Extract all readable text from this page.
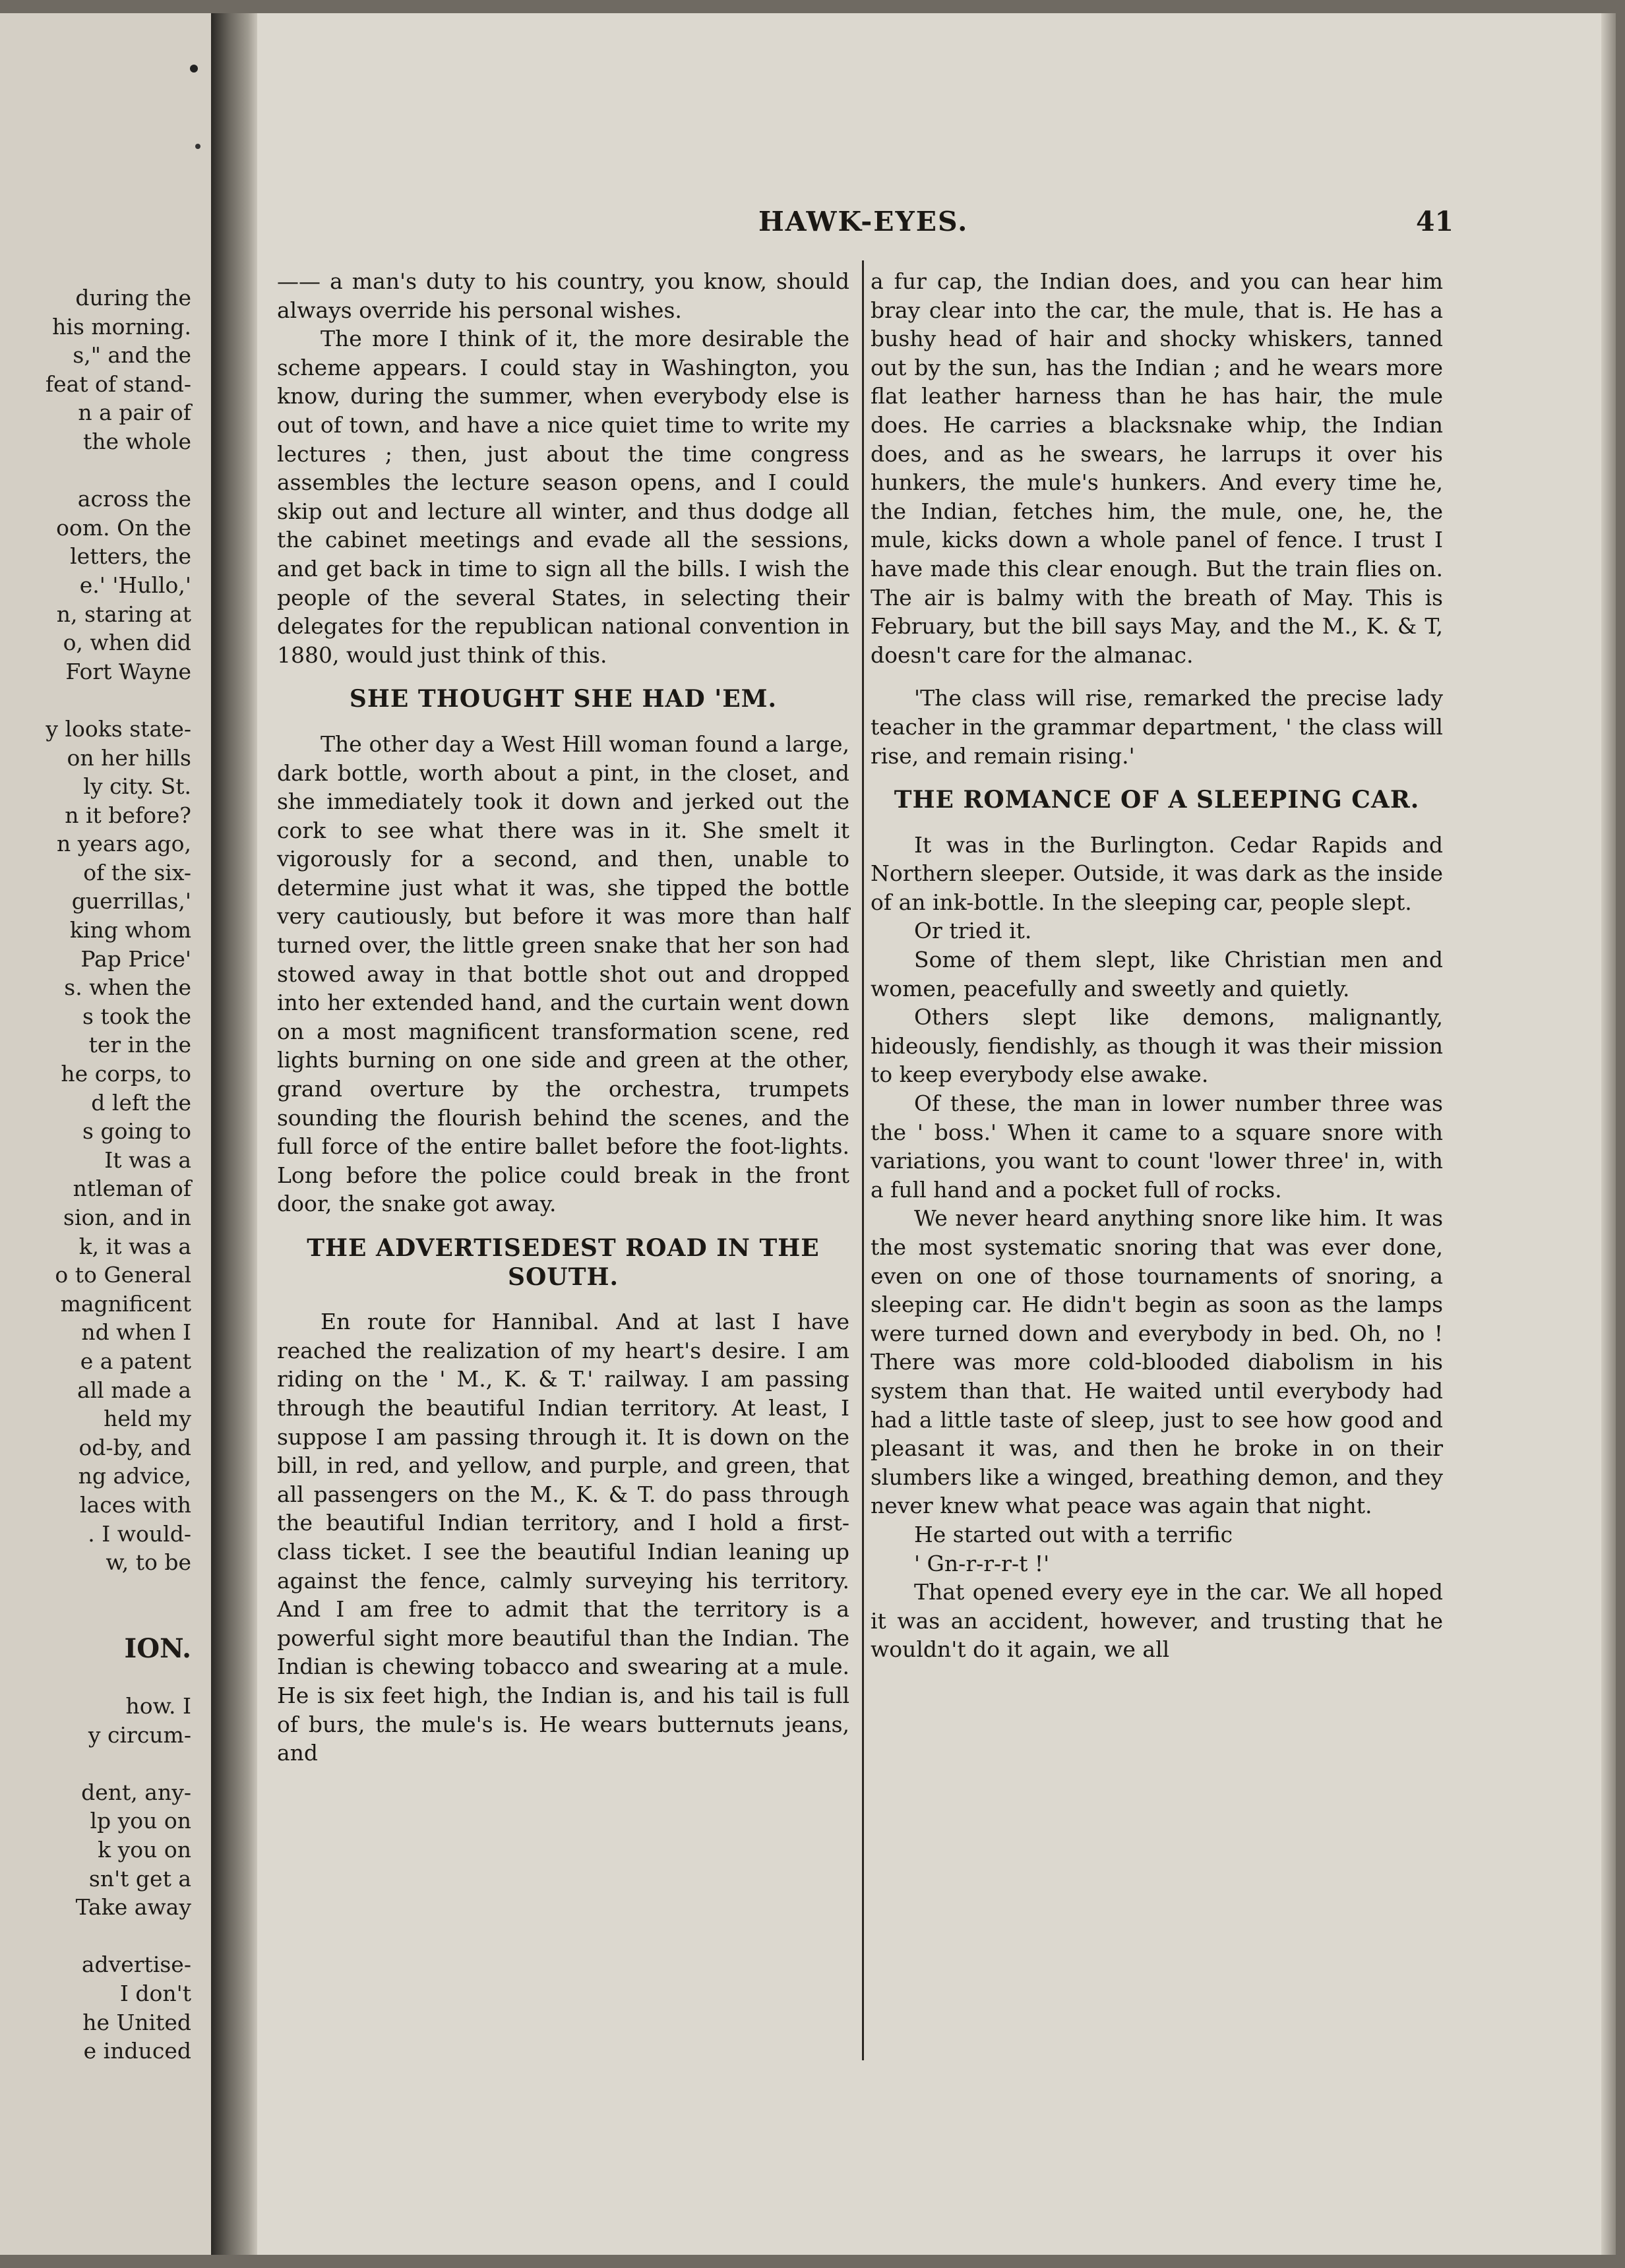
during the
his morning.
s," and the
feat of stand-
n a pair of
the whole
across the
oom. On the
letters, the
e.' 'Hullo,'
n, staring at
o, when did
Fort Wayne
y looks state-
on her hills
ly city. St.
n it before?
n years ago,
of the six-
guerrillas,'
king whom
Pap Price'
s. when the
s took the
ter in the
he corps, to
d left the
s going to
It was a
ntleman of
sion, and in
k, it was a
o to General
magnificent
nd when I
e a patent
all made a
held my
od-by, and
ng advice,
laces with
. I would-
w, to be
ION.
how. I
y circum-
dent, any-
lp you on
k you on
sn't get a
Take away
advertise-
I don't
he United
e induced
HAWK-EYES.	41

—— a man's duty to his country, you know, should always override his personal wishes.

The more I think of it, the more desirable the scheme appears. I could stay in Washington, you know, during the summer, when everybody else is out of town, and have a nice quiet time to write my lectures ; then, just about the time congress assembles the lecture season opens, and I could skip out and lecture all winter, and thus dodge all the cabinet meetings and evade all the sessions, and get back in time to sign all the bills. I wish the people of the several States, in selecting their delegates for the republican national convention in 1880, would just think of this.

SHE THOUGHT SHE HAD 'EM.

The other day a West Hill woman found a large, dark bottle, worth about a pint, in the closet, and she immediately took it down and jerked out the cork to see what there was in it. She smelt it vigorously for a second, and then, unable to determine just what it was, she tipped the bottle very cautiously, but before it was more than half turned over, the little green snake that her son had stowed away in that bottle shot out and dropped into her extended hand, and the curtain went down on a most magnificent transformation scene, red lights burning on one side and green at the other, grand overture by the orchestra, trumpets sounding the flourish behind the scenes, and the full force of the entire ballet before the foot-lights. Long before the police could break in the front door, the snake got away.

THE ADVERTISEDEST ROAD IN THE SOUTH.

En route for Hannibal. And at last I have reached the realization of my heart's desire. I am riding on the ' M., K. & T.' railway. I am passing through the beautiful Indian territory. At least, I suppose I am passing through it. It is down on the bill, in red, and yellow, and purple, and green, that all passengers on the M., K. & T. do pass through the beautiful Indian territory, and I hold a first-class ticket. I see the beautiful Indian leaning up against the fence, calmly surveying his territory. And I am free to admit that the territory is a powerful sight more beautiful than the Indian. The Indian is chewing tobacco and swearing at a mule. He is six feet high, the Indian is, and his tail is full of burs, the mule's is. He wears butternuts jeans, and

a fur cap, the Indian does, and you can hear him bray clear into the car, the mule, that is. He has a bushy head of hair and shocky whiskers, tanned out by the sun, has the Indian ; and he wears more flat leather harness than he has hair, the mule does. He carries a blacksnake whip, the Indian does, and as he swears, he larrups it over his hunkers, the mule's hunkers. And every time he, the Indian, fetches him, the mule, one, he, the mule, kicks down a whole panel of fence. I trust I have made this clear enough. But the train flies on. The air is balmy with the breath of May. This is February, but the bill says May, and the M., K. & T, doesn't care for the almanac.

'The class will rise, remarked the precise lady teacher in the grammar department, ' the class will rise, and remain rising.'

THE ROMANCE OF A SLEEPING CAR.

It was in the Burlington. Cedar Rapids and Northern sleeper. Outside, it was dark as the inside of an ink-bottle. In the sleeping car, people slept.

Or tried it.

Some of them slept, like Christian men and women, peacefully and sweetly and quietly.

Others slept like demons, malignantly, hideously, fiendishly, as though it was their mission to keep everybody else awake.

Of these, the man in lower number three was the ' boss.' When it came to a square snore with variations, you want to count 'lower three' in, with a full hand and a pocket full of rocks.

We never heard anything snore like him. It was the most systematic snoring that was ever done, even on one of those tournaments of snoring, a sleeping car. He didn't begin as soon as the lamps were turned down and everybody in bed. Oh, no ! There was more cold-blooded diabolism in his system than that. He waited until everybody had had a little taste of sleep, just to see how good and pleasant it was, and then he broke in on their slumbers like a winged, breathing demon, and they never knew what peace was again that night.

He started out with a terrific

' Gn-r-r-r-t !'

That opened every eye in the car. We all hoped it was an accident, however, and trusting that he wouldn't do it again, we all
